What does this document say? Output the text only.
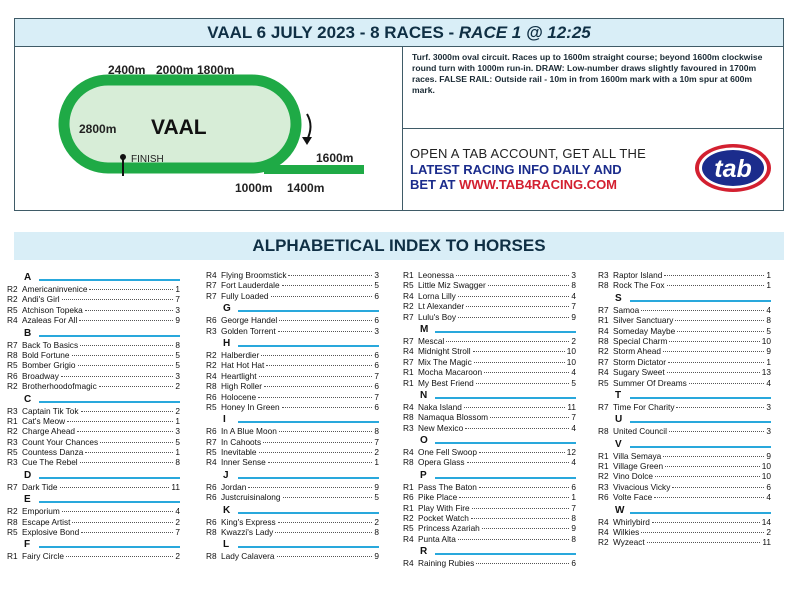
VAAL 6 JULY 2023 - 8 RACES - RACE 1 @ 12:25
2400m 2000m 1800m
2800m VAAL
FINISH	1600m
1000m 1400m
Turf. 3000m oval circuit. Races up to 1600m straight course; beyond 1600m clockwise round turn with 1000m run-in. DRAW: Low-number draws slightly favoured in 1700m races. FALSE RAIL: Outside rail - 10m in from 1600m mark with a 10m spur at 600m mark.
OPEN A TAB ACCOUNT, GET ALL THE
LATEST RACING INFO DAILY AND
BET AT WWW.TAB4RACING.COM
tab
ALPHABETICAL INDEX TO HORSES
A
R2 Americaninvenice	1
R2 Andi's Girl	7
R5 Atchison Topeka	3
R4 Azaleas For All	9
B
R7 Back To Basics	8
R8 Bold Fortune	5
R5 Bomber Grigio	5
R6 Broadway	3
R2 Brotherhoodofmagic	2
C
R3 Captain Tik Tok	2
R1 Cat's Meow	1
R2 Charge Ahead	3
R3 Count Your Chances	5
R5 Countess Danza	1
R3 Cue The Rebel	8
D
R7 Dark Tide	11
E
R2 Emporium	4
R8 Escape Artist	2
R5 Explosive Bond	7
F
R1 Fairy Circle	2
R4 Flying Broomstick	3
R7 Fort Lauderdale	5
R7 Fully Loaded	6
G
R6 George Handel	6
R3 Golden Torrent	3
H
R2 Halberdier	6
R2 Hat Hot Hat	6
R4 Heartlight	7
R8 High Roller	6
R6 Holocene	7
R5 Honey In Green	6
I
R6 In A Blue Moon	8
R7 In Cahoots	7
R5 Inevitable	2
R4 Inner Sense	1
J
R6 Jordan	9
R6 Justcruisinalong	5
K
R6 King's Express	2
R8 Kwazzi's Lady	8
L
R8 Lady Calavera	9
R1 Leonessa	3
R5 Little Miz Swagger	8
R4 Lorna Lilly	4
R2 Lt Alexander	7
R7 Lulu's Boy	9
M
R7 Mescal	2
R4 Midnight Stroll	10
R7 Mix The Magic	10
R1 Mocha Macaroon	4
R1 My Best Friend	5
N
R4 Naka Island	11
R8 Namaqua Blossom	7
R3 New Mexico	4
O
R4 One Fell Swoop	12
R8 Opera Glass	4
P
R1 Pass The Baton	6
R6 Pike Place	1
R1 Play With Fire	7
R2 Pocket Watch	8
R5 Princess Azariah	9
R4 Punta Alta	8
R
R4 Raining Rubies	6
R3 Raptor Island	1
R8 Rock The Fox	1
S
R7 Samoa	4
R1 Silver Sanctuary	8
R4 Someday Maybe	5
R8 Special Charm	10
R2 Storm Ahead	9
R7 Storm Dictator	1
R4 Sugary Sweet	13
R5 Summer Of Dreams	4
T
R7 Time For Charity	3
U
R8 United Council	3
V
R1 Villa Semaya	9
R1 Village Green	10
R2 Vino Dolce	10
R3 Vivacious Vicky	6
R6 Volte Face	4
W
R4 Whirlybird	14
R4 Wilkies	2
R2 Wyzeact	11
